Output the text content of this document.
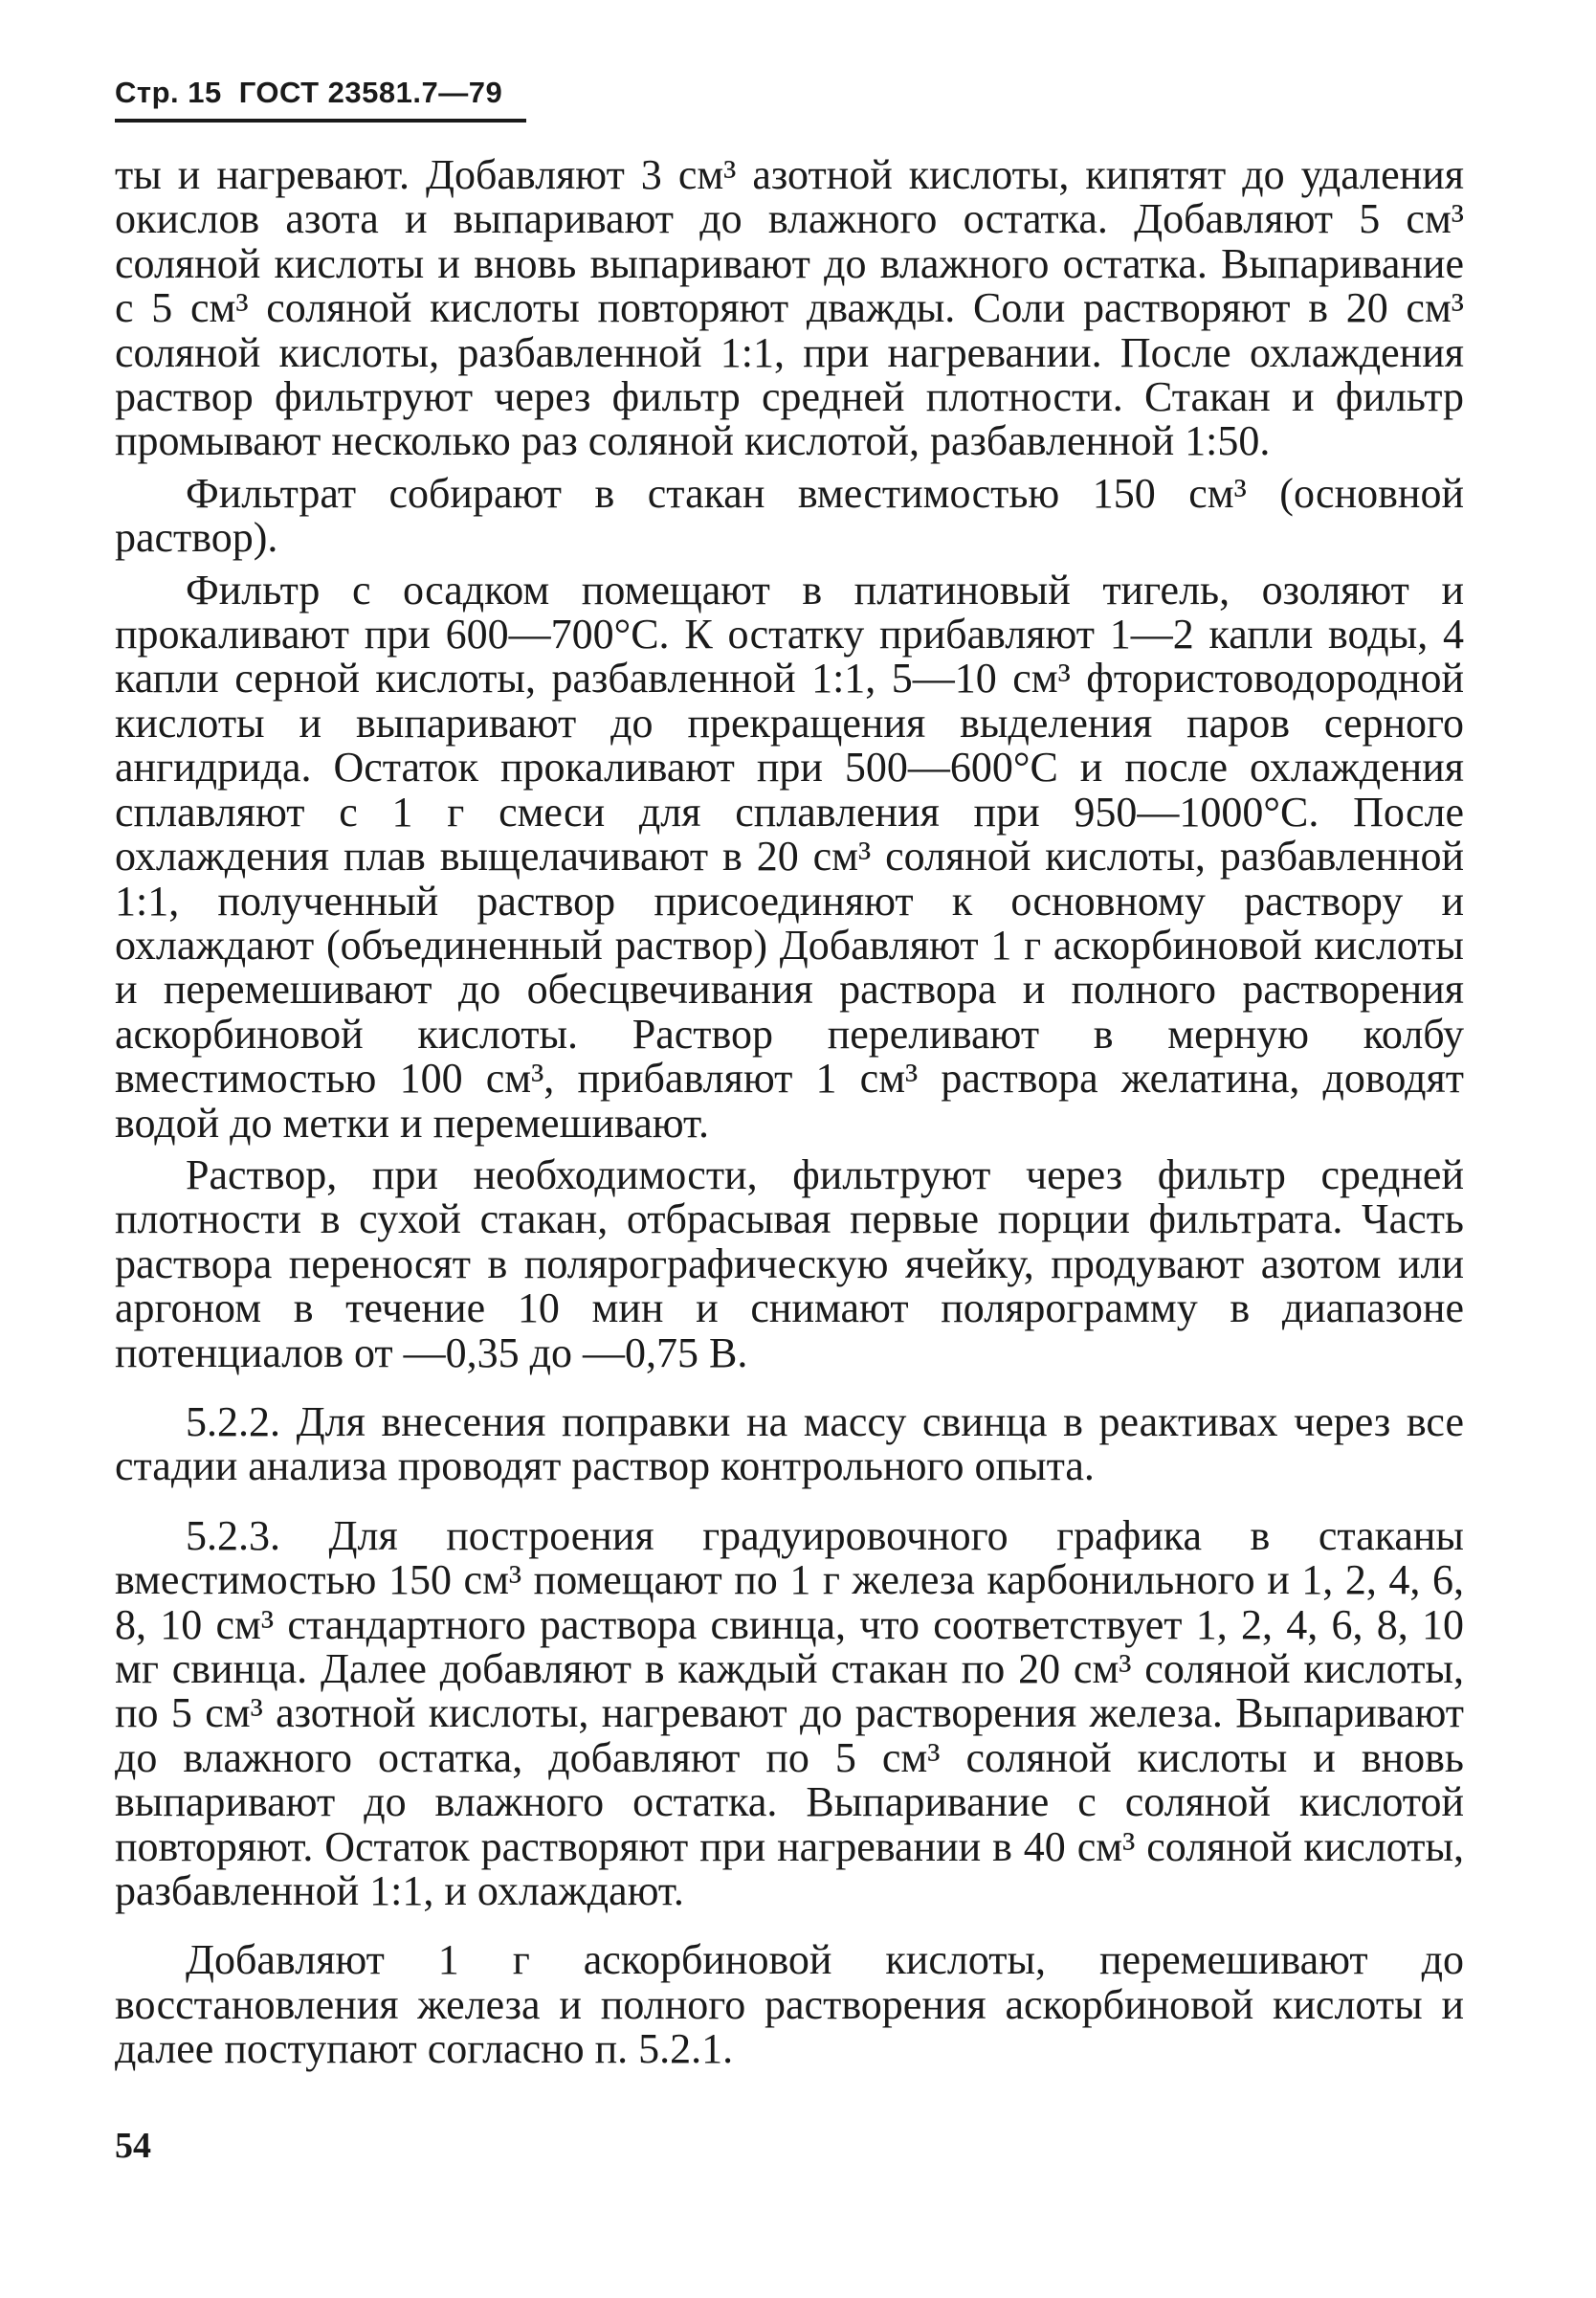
Стр. 15 ГОСТ 23581.7—79

ты и нагревают. Добавляют 3 см³ азотной кислоты, кипятят до удаления окислов азота и выпаривают до влажного остатка. Добавляют 5 см³ соляной кислоты и вновь выпаривают до влажного остатка. Выпаривание с 5 см³ соляной кислоты повторяют дважды. Соли растворяют в 20 см³ соляной кислоты, разбавленной 1:1, при нагревании. После охлаждения раствор фильтруют через фильтр средней плотности. Стакан и фильтр промывают несколько раз соляной кислотой, разбавленной 1:50.

Фильтрат собирают в стакан вместимостью 150 см³ (основной раствор).

Фильтр с осадком помещают в платиновый тигель, озоляют и прокаливают при 600—700°С. К остатку прибавляют 1—2 капли воды, 4 капли серной кислоты, разбавленной 1:1, 5—10 см³ фтористоводородной кислоты и выпаривают до прекращения выделения паров серного ангидрида. Остаток прокаливают при 500—600°С и после охлаждения сплавляют с 1 г смеси для сплавления при 950—1000°С. После охлаждения плав выщелачивают в 20 см³ соляной кислоты, разбавленной 1:1, полученный раствор присоединяют к основному раствору и охлаждают (объединенный раствор) Добавляют 1 г аскорбиновой кислоты и перемешивают до обесцвечивания раствора и полного растворения аскорбиновой кислоты. Раствор переливают в мерную колбу вместимостью 100 см³, прибавляют 1 см³ раствора желатина, доводят водой до метки и перемешивают.

Раствор, при необходимости, фильтруют через фильтр средней плотности в сухой стакан, отбрасывая первые порции фильтрата. Часть раствора переносят в полярографическую ячейку, продувают азотом или аргоном в течение 10 мин и снимают полярограмму в диапазоне потенциалов от —0,35 до —0,75 В.

5.2.2. Для внесения поправки на массу свинца в реактивах через все стадии анализа проводят раствор контрольного опыта.

5.2.3. Для построения градуировочного графика в стаканы вместимостью 150 см³ помещают по 1 г железа карбонильного и 1, 2, 4, 6, 8, 10 см³ стандартного раствора свинца, что соответствует 1, 2, 4, 6, 8, 10 мг свинца. Далее добавляют в каждый стакан по 20 см³ соляной кислоты, по 5 см³ азотной кислоты, нагревают до растворения железа. Выпаривают до влажного остатка, добавляют по 5 см³ соляной кислоты и вновь выпаривают до влажного остатка. Выпаривание с соляной кислотой повторяют. Остаток растворяют при нагревании в 40 см³ соляной кислоты, разбавленной 1:1, и охлаждают.

Добавляют 1 г аскорбиновой кислоты, перемешивают до восстановления железа и полного растворения аскорбиновой кислоты и далее поступают согласно п. 5.2.1.

54
